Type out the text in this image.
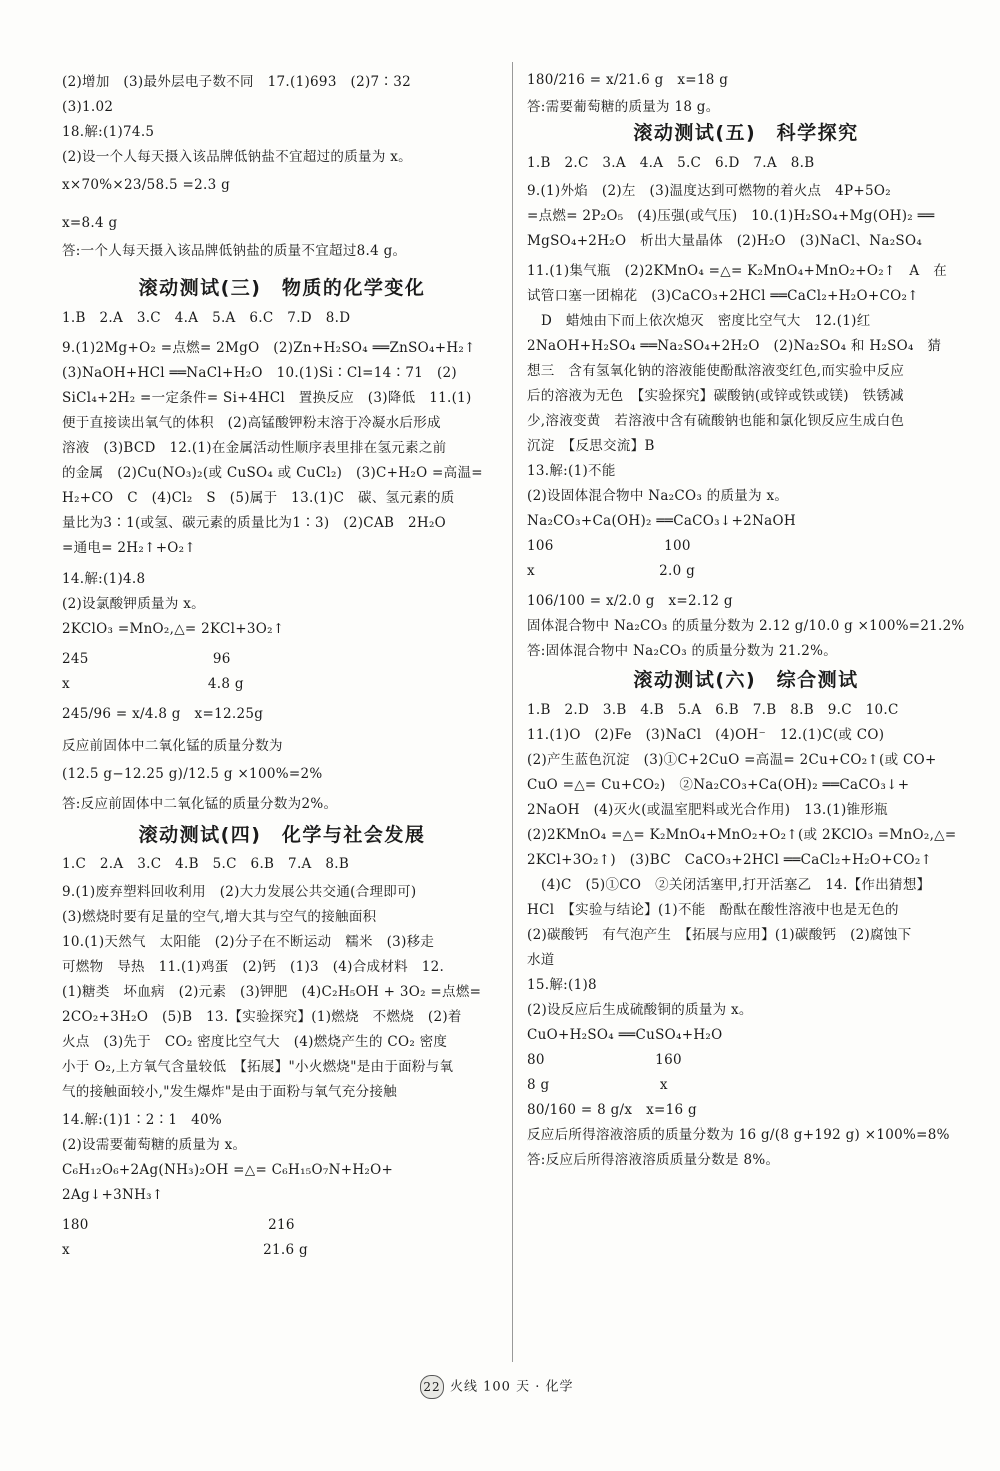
(2)增加　(3)最外层电子数不同　17.(1)693　(2)7∶32
(3)1.02
18.解:(1)74.5
(2)设一个人每天摄入该品牌低钠盐不宜超过的质量为 x。
x×70%×23/58.5 =2.3 g
x=8.4 g
答:一个人每天摄入该品牌低钠盐的质量不宜超过8.4 g。
滚动测试(三)　物质的化学变化
1.B　2.A　3.C　4.A　5.A　6.C　7.D　8.D
9.(1)2Mg+O₂ =点燃= 2MgO　(2)Zn+H₂SO₄ ══ZnSO₄+H₂↑
(3)NaOH+HCl ══NaCl+H₂O　10.(1)Si∶Cl=14∶71　(2)
SiCl₄+2H₂ =一定条件= Si+4HCl　置换反应　(3)降低　11.(1)
便于直接读出氧气的体积　(2)高锰酸钾粉末溶于冷凝水后形成
溶液　(3)BCD　12.(1)在金属活动性顺序表里排在氢元素之前
的金属　(2)Cu(NO₃)₂(或 CuSO₄ 或 CuCl₂)　(3)C+H₂O =高温=
H₂+CO　C　(4)Cl₂　S　(5)属于　13.(1)C　碳、氢元素的质
量比为3∶1(或氢、碳元素的质量比为1∶3)　(2)CAB　2H₂O
=通电= 2H₂↑+O₂↑
14.解:(1)4.8
(2)设氯酸钾质量为 x。
2KClO₃ =MnO₂,△= 2KCl+3O₂↑
245　　　　　　　　　96
x　　　　　　　　　　4.8 g
245/96 = x/4.8 g　x=12.25g
反应前固体中二氧化锰的质量分数为
(12.5 g−12.25 g)/12.5 g ×100%=2%
答:反应前固体中二氧化锰的质量分数为2%。
滚动测试(四)　化学与社会发展
1.C　2.A　3.C　4.B　5.C　6.B　7.A　8.B
9.(1)废弃塑料回收利用　(2)大力发展公共交通(合理即可)
(3)燃烧时要有足量的空气,增大其与空气的接触面积
10.(1)天然气　太阳能　(2)分子在不断运动　糯米　(3)移走
可燃物　导热　11.(1)鸡蛋　(2)钙　(1)3　(4)合成材料　12.
(1)糖类　坏血病　(2)元素　(3)钾肥　(4)C₂H₅OH + 3O₂ =点燃=
2CO₂+3H₂O　(5)B　13.【实验探究】(1)燃烧　不燃烧　(2)着
火点　(3)先于　CO₂ 密度比空气大　(4)燃烧产生的 CO₂ 密度
小于 O₂,上方氧气含量较低　【拓展】"小火燃烧"是由于面粉与氧
气的接触面较小,"发生爆炸"是由于面粉与氧气充分接触
14.解:(1)1∶2∶1　40%
(2)设需要葡萄糖的质量为 x。
C₆H₁₂O₆+2Ag(NH₃)₂OH =△= C₆H₁₅O₇N+H₂O+
2Ag↓+3NH₃↑
180　　　　　　　　　　　　　216
x　　　　　　　　　　　　　　21.6 g
180/216 = x/21.6 g　x=18 g
答:需要葡萄糖的质量为 18 g。
滚动测试(五)　科学探究
1.B　2.C　3.A　4.A　5.C　6.D　7.A　8.B
9.(1)外焰　(2)左　(3)温度达到可燃物的着火点　4P+5O₂
=点燃= 2P₂O₅　(4)压强(或气压)　10.(1)H₂SO₄+Mg(OH)₂ ══
MgSO₄+2H₂O　析出大量晶体　(2)H₂O　(3)NaCl、Na₂SO₄
11.(1)集气瓶　(2)2KMnO₄ =△= K₂MnO₄+MnO₂+O₂↑　A　在
试管口塞一团棉花　(3)CaCO₃+2HCl ══CaCl₂+H₂O+CO₂↑
D　蜡烛由下而上依次熄灭　密度比空气大　12.(1)红
2NaOH+H₂SO₄ ══Na₂SO₄+2H₂O　(2)Na₂SO₄ 和 H₂SO₄　猜
想三　含有氢氧化钠的溶液能使酚酞溶液变红色,而实验中反应
后的溶液为无色　【实验探究】碳酸钠(或锌或铁或镁)　铁锈减
少,溶液变黄　若溶液中含有硫酸钠也能和氯化钡反应生成白色
沉淀　【反思交流】B
13.解:(1)不能
(2)设固体混合物中 Na₂CO₃ 的质量为 x。
Na₂CO₃+Ca(OH)₂ ══CaCO₃↓+2NaOH
106　　　　　　　　100
x　　　　　　　　　2.0 g
106/100 = x/2.0 g　x=2.12 g
固体混合物中 Na₂CO₃ 的质量分数为 2.12 g/10.0 g ×100%=21.2%
答:固体混合物中 Na₂CO₃ 的质量分数为 21.2%。
滚动测试(六)　综合测试
1.B　2.D　3.B　4.B　5.A　6.B　7.B　8.B　9.C　10.C
11.(1)O　(2)Fe　(3)NaCl　(4)OH⁻　12.(1)C(或 CO)
(2)产生蓝色沉淀　(3)①C+2CuO =高温= 2Cu+CO₂↑(或 CO+
CuO =△= Cu+CO₂)　②Na₂CO₃+Ca(OH)₂ ══CaCO₃↓+
2NaOH　(4)灭火(或温室肥料或光合作用)　13.(1)锥形瓶
(2)2KMnO₄ =△= K₂MnO₄+MnO₂+O₂↑(或 2KClO₃ =MnO₂,△=
2KCl+3O₂↑)　(3)BC　CaCO₃+2HCl ══CaCl₂+H₂O+CO₂↑
(4)C　(5)①CO　②关闭活塞甲,打开活塞乙　14.【作出猜想】
HCl　【实验与结论】(1)不能　酚酞在酸性溶液中也是无色的
(2)碳酸钙　有气泡产生　【拓展与应用】(1)碳酸钙　(2)腐蚀下
水道
15.解:(1)8
(2)设反应后生成硫酸铜的质量为 x。
CuO+H₂SO₄ ══CuSO₄+H₂O
80　　　　　　　　160
8 g　　　　　　　　x
80/160 = 8 g/x　x=16 g
反应后所得溶液溶质的质量分数为 16 g/(8 g+192 g) ×100%=8%
答:反应后所得溶液溶质质量分数是 8%。
22 火线 100 天 · 化学
